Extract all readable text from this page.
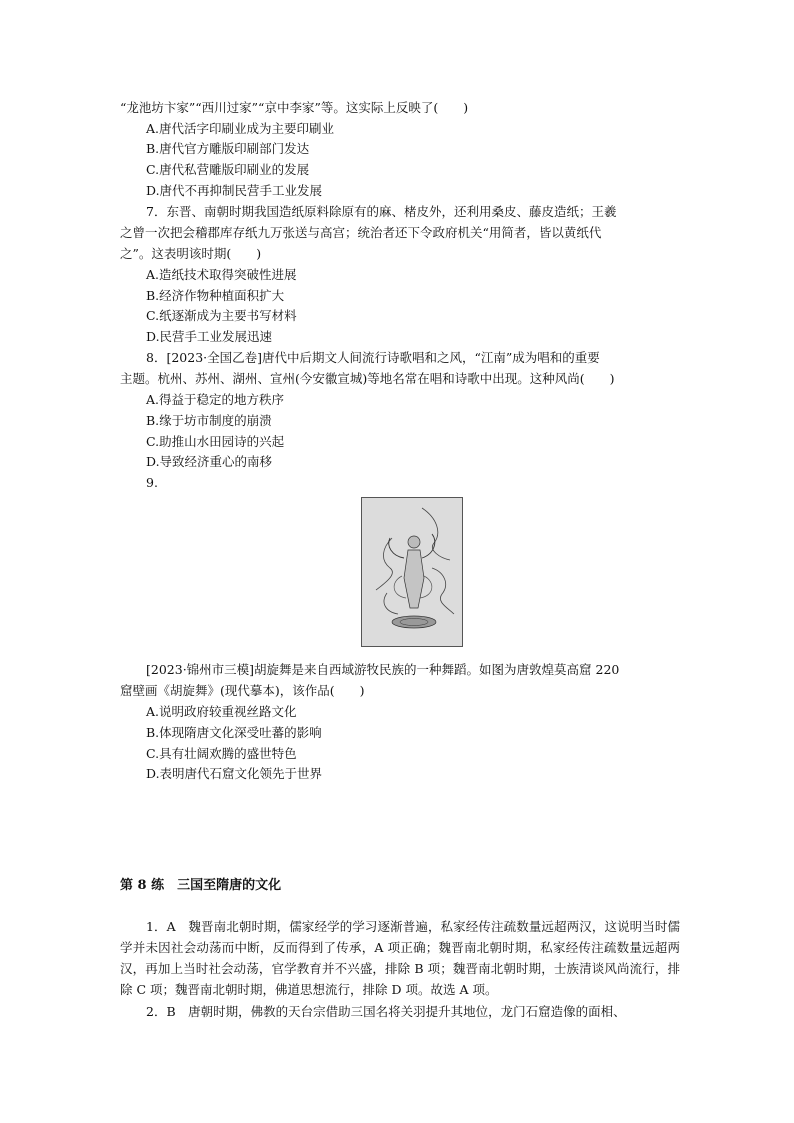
“龙池坊卞家”“西川过家”“京中李家”等。这实际上反映了(　　)
A.唐代活字印刷业成为主要印刷业
B.唐代官方雕版印刷部门发达
C.唐代私营雕版印刷业的发展
D.唐代不再抑制民营手工业发展
7．东晋、南朝时期我国造纸原料除原有的麻、楮皮外，还利用桑皮、藤皮造纸；王羲
之曾一次把会稽郡库存纸九万张送与高宫；统治者还下令政府机关“用简者，皆以黄纸代
之”。这表明该时期(　　)
A.造纸技术取得突破性进展
B.经济作物种植面积扩大
C.纸逐渐成为主要书写材料
D.民营手工业发展迅速
8．[2023·全国乙卷]唐代中后期文人间流行诗歌唱和之风，“江南”成为唱和的重要
主题。杭州、苏州、湖州、宣州(今安徽宣城)等地名常在唱和诗歌中出现。这种风尚(　　)
A.得益于稳定的地方秩序
B.缘于坊市制度的崩溃
C.助推山水田园诗的兴起
D.导致经济重心的南移
9.
[2023·锦州市三模]胡旋舞是来自西域游牧民族的一种舞蹈。如图为唐敦煌莫高窟 220
窟壁画《胡旋舞》(现代摹本)，该作品(　　)
A.说明政府较重视丝路文化
B.体现隋唐文化深受吐蕃的影响
C.具有壮阔欢腾的盛世特色
D.表明唐代石窟文化领先于世界
第 8 练　三国至隋唐的文化
1．A　魏晋南北朝时期，儒家经学的学习逐渐普遍，私家经传注疏数量远超两汉，这说明当时儒学并未因社会动荡而中断，反而得到了传承，A 项正确；魏晋南北朝时期，私家经传注疏数量远超两汉，再加上当时社会动荡，官学教育并不兴盛，排除 B 项；魏晋南北朝时期，士族清谈风尚流行，排除 C 项；魏晋南北朝时期，佛道思想流行，排除 D 项。故选 A 项。
2．B　唐朝时期，佛教的天台宗借助三国名将关羽提升其地位，龙门石窟造像的面相、
